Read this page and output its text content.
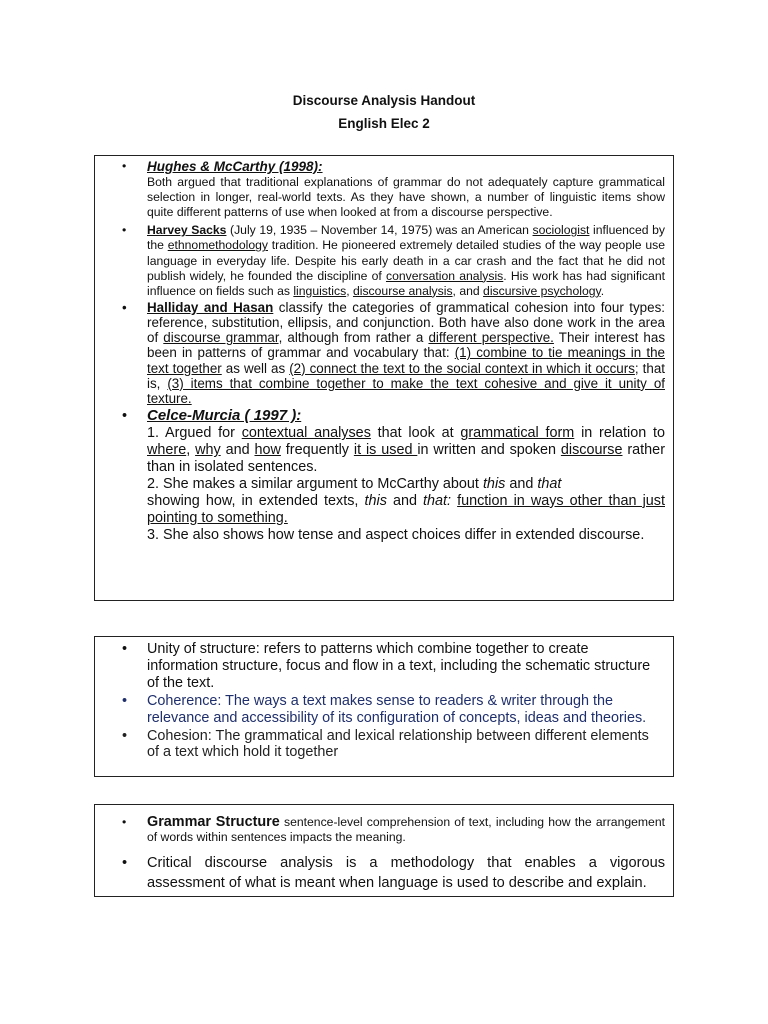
Discourse Analysis Handout
English Elec 2
• Hughes & McCarthy (1998):
Both argued that traditional explanations of grammar do not adequately capture grammatical selection in longer, real-world texts. As they have shown, a number of linguistic items show quite different patterns of use when looked at from a discourse perspective.
• Harvey Sacks (July 19, 1935 – November 14, 1975) was an American sociologist influenced by the ethnomethodology tradition. He pioneered extremely detailed studies of the way people use language in everyday life. Despite his early death in a car crash and the fact that he did not publish widely, he founded the discipline of conversation analysis. His work has had significant influence on fields such as linguistics, discourse analysis, and discursive psychology.
• Halliday and Hasan classify the categories of grammatical cohesion into four types: reference, substitution, ellipsis, and conjunction. Both have also done work in the area of discourse grammar, although from rather a different perspective. Their interest has been in patterns of grammar and vocabulary that: (1) combine to tie meanings in the text together as well as (2) connect the text to the social context in which it occurs; that is, (3) items that combine together to make the text cohesive and give it unity of texture.
• Celce-Murcia ( 1997 ):
1. Argued for contextual analyses that look at grammatical form in relation to where, why and how frequently it is used in written and spoken discourse rather than in isolated sentences.
2. She makes a similar argument to McCarthy about this and that
showing how, in extended texts, this and that: function in ways other than just pointing to something.
3. She also shows how tense and aspect choices differ in extended discourse.
• Unity of structure: refers to patterns which combine together to create information structure, focus and flow in a text, including the schematic structure of the text.
• Coherence: The ways a text makes sense to readers & writer through the relevance and accessibility of its configuration of concepts, ideas and theories.
• Cohesion: The grammatical and lexical relationship between different elements of a text which hold it together
• Grammar Structure sentence-level comprehension of text, including how the arrangement of words within sentences impacts the meaning.
• Critical discourse analysis is a methodology that enables a vigorous assessment of what is meant when language is used to describe and explain.
